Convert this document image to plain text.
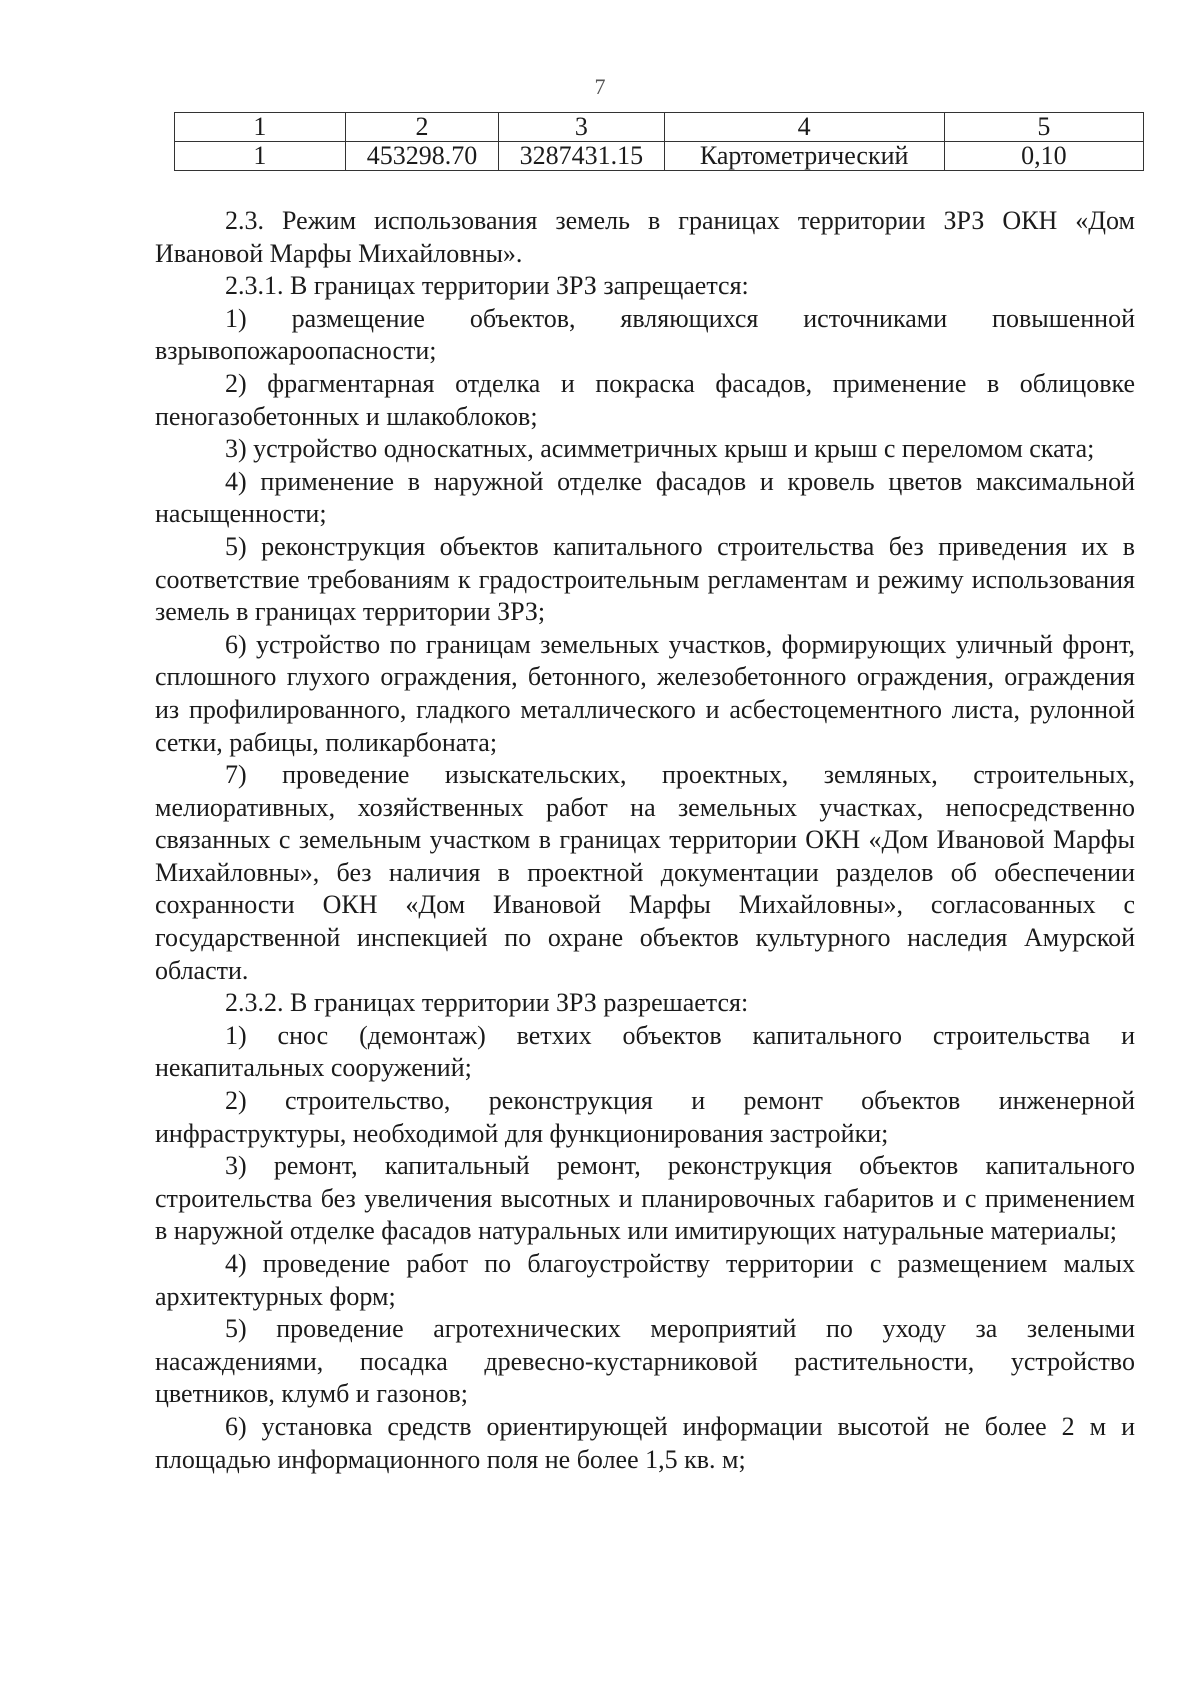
7
1	2	3	4	5
1	453298.70	3287431.15	Картометрический	0,10

2.3. Режим использования земель в границах территории ЗРЗ ОКН «Дом Ивановой Марфы Михайловны».

2.3.1. В границах территории ЗРЗ запрещается:

1) размещение объектов, являющихся источниками повышенной взрывопожароопасности;

2) фрагментарная отделка и покраска фасадов, применение в облицовке пеногазобетонных и шлакоблоков;

3) устройство односкатных, асимметричных крыш и крыш с переломом ската;

4) применение в наружной отделке фасадов и кровель цветов максимальной насыщенности;

5) реконструкция объектов капитального строительства без приведения их в соответствие требованиям к градостроительным регламентам и режиму использования земель в границах территории ЗРЗ;

6) устройство по границам земельных участков, формирующих уличный фронт, сплошного глухого ограждения, бетонного, железобетонного ограждения, ограждения из профилированного, гладкого металлического и асбестоцементного листа, рулонной сетки, рабицы, поликарбоната;

7) проведение изыскательских, проектных, земляных, строительных, мелиоративных, хозяйственных работ на земельных участках, непосредственно связанных с земельным участком в границах территории ОКН «Дом Ивановой Марфы Михайловны», без наличия в проектной документации разделов об обеспечении сохранности ОКН «Дом Ивановой Марфы Михайловны», согласованных с государственной инспекцией по охране объектов культурного наследия Амурской области.

2.3.2. В границах территории ЗРЗ разрешается:

1) снос (демонтаж) ветхих объектов капитального строительства и некапитальных сооружений;

2) строительство, реконструкция и ремонт объектов инженерной инфраструктуры, необходимой для функционирования застройки;

3) ремонт, капитальный ремонт, реконструкция объектов капитального строительства без увеличения высотных и планировочных габаритов и с применением в наружной отделке фасадов натуральных или имитирующих натуральные материалы;

4) проведение работ по благоустройству территории с размещением малых архитектурных форм;

5) проведение агротехнических мероприятий по уходу за зелеными насаждениями, посадка древесно-кустарниковой растительности, устройство цветников, клумб и газонов;

6) установка средств ориентирующей информации высотой не более 2 м и площадью информационного поля не более 1,5 кв. м;
